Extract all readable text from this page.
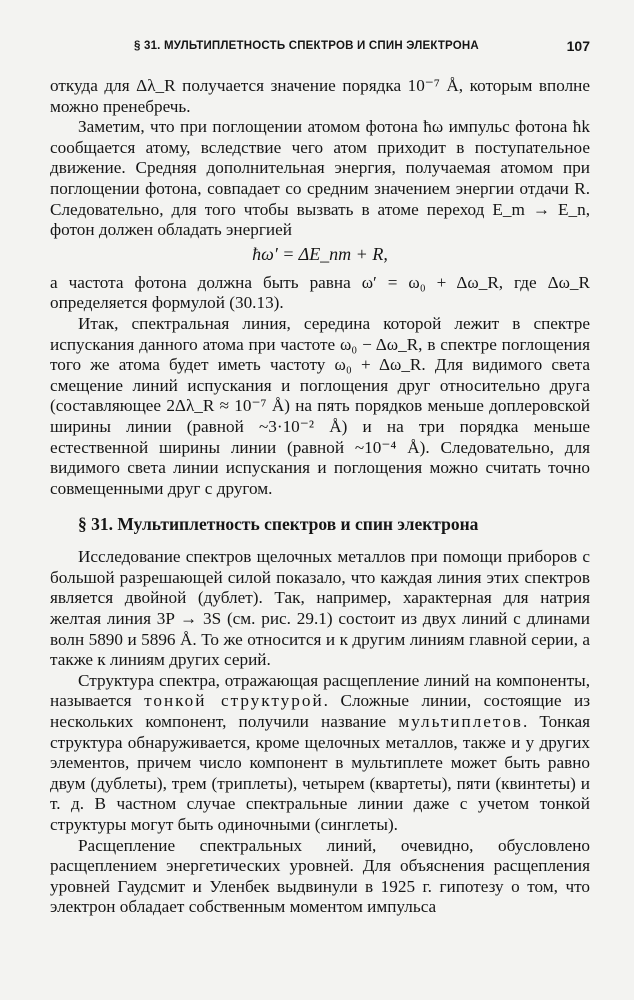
§ 31. МУЛЬТИПЛЕТНОСТЬ СПЕКТРОВ И СПИН ЭЛЕКТРОНА	107

откуда для Δλ_R получается значение порядка 10⁻⁷ Å, которым вполне можно пренебречь.

Заметим, что при поглощении атомом фотона ħω импульс фотона ħk сообщается атому, вследствие чего атом приходит в поступательное движение. Средняя дополнительная энергия, получаемая атомом при поглощении фотона, совпадает со средним значением энергии отдачи R. Следовательно, для того чтобы вызвать в атоме переход E_m → E_n, фотон должен обладать энергией

ħω′ = ΔE_nm + R,

а частота фотона должна быть равна ω′ = ω₀ + Δω_R, где Δω_R определяется формулой (30.13).

Итак, спектральная линия, середина которой лежит в спектре испускания данного атома при частоте ω₀ − Δω_R, в спектре поглощения того же атома будет иметь частоту ω₀ + Δω_R. Для видимого света смещение линий испускания и поглощения друг относительно друга (составляющее 2Δλ_R ≈ 10⁻⁷ Å) на пять порядков меньше доплеровской ширины линии (равной ~3·10⁻² Å) и на три порядка меньше естественной ширины линии (равной ~10⁻⁴ Å). Следовательно, для видимого света линии испускания и поглощения можно считать точно совмещенными друг с другом.

§ 31. Мультиплетность спектров и спин электрона

Исследование спектров щелочных металлов при помощи приборов с большой разрешающей силой показало, что каждая линия этих спектров является двойной (дублет). Так, например, характерная для натрия желтая линия 3P → 3S (см. рис. 29.1) состоит из двух линий с длинами волн 5890 и 5896 Å. То же относится и к другим линиям главной серии, а также к линиям других серий.

Структура спектра, отражающая расщепление линий на компоненты, называется тонкой структурой. Сложные линии, состоящие из нескольких компонент, получили название мультиплетов. Тонкая структура обнаруживается, кроме щелочных металлов, также и у других элементов, причем число компонент в мультиплете может быть равно двум (дублеты), трем (триплеты), четырем (квартеты), пяти (квинтеты) и т. д. В частном случае спектральные линии даже с учетом тонкой структуры могут быть одиночными (синглеты).

Расщепление спектральных линий, очевидно, обусловлено расщеплением энергетических уровней. Для объяснения расщепления уровней Гаудсмит и Уленбек выдвинули в 1925 г. гипотезу о том, что электрон обладает собственным моментом импульса
